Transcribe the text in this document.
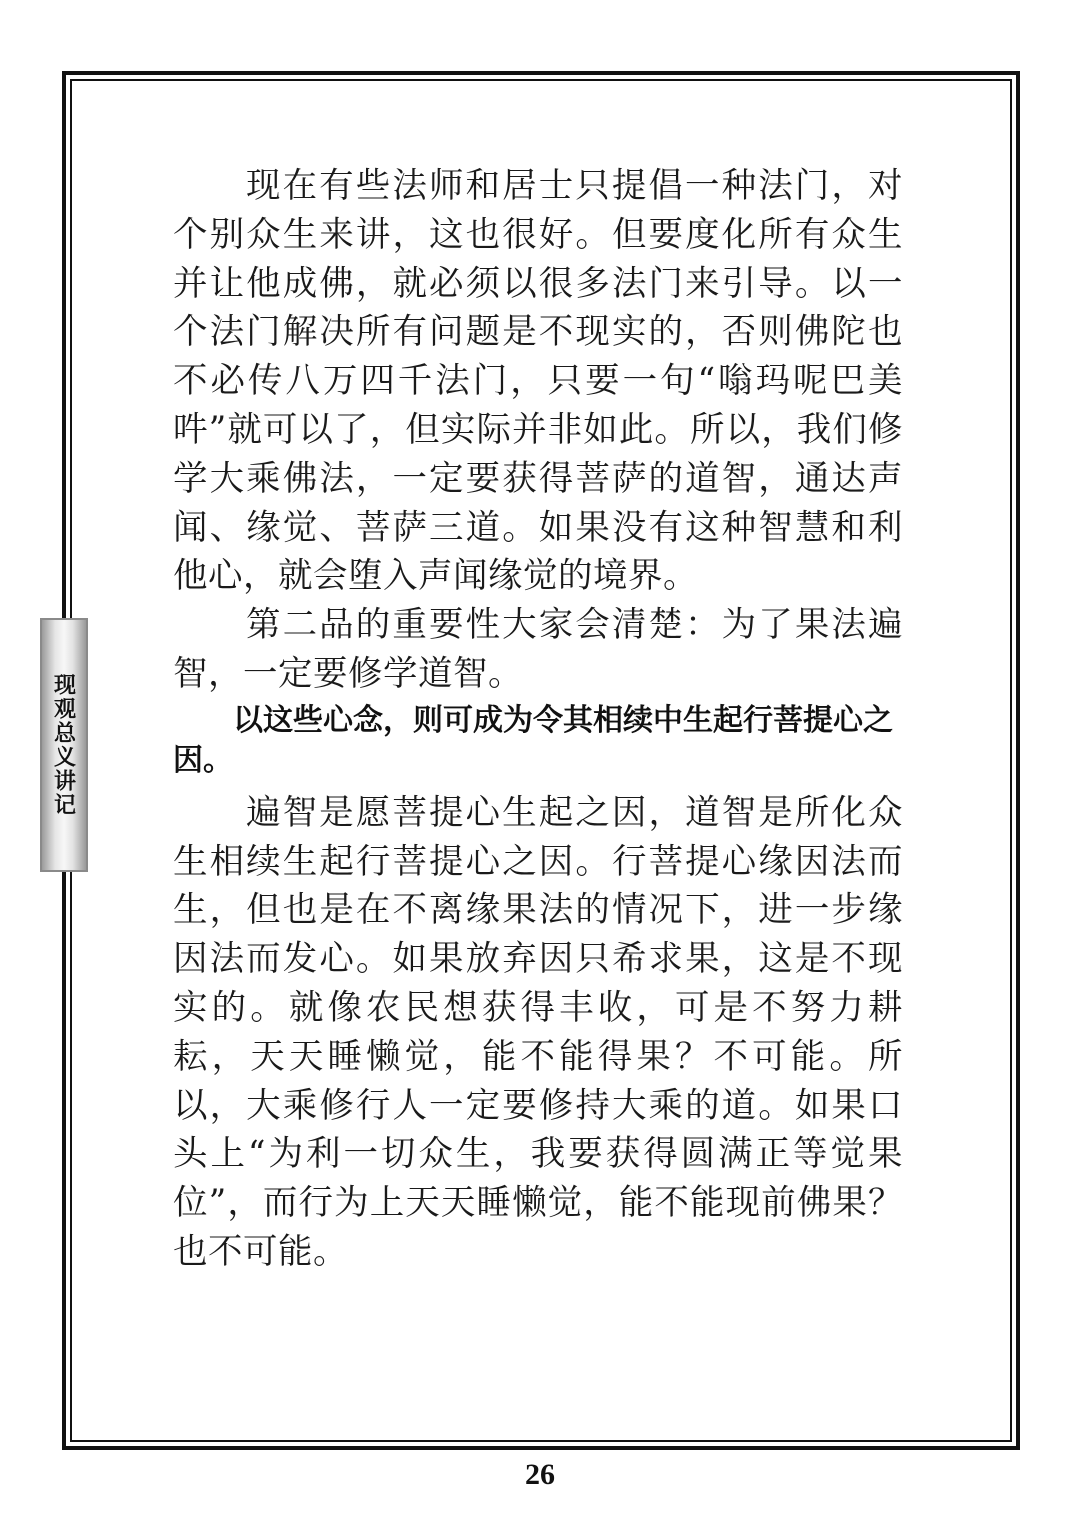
现观总义讲记

现在有些法师和居士只提倡一种法门，对个别众生来讲，这也很好。但要度化所有众生并让他成佛，就必须以很多法门来引导。以一个法门解决所有问题是不现实的，否则佛陀也不必传八万四千法门，只要一句“嗡玛呢巴美吽”就可以了，但实际并非如此。所以，我们修学大乘佛法，一定要获得菩萨的道智，通达声闻、缘觉、菩萨三道。如果没有这种智慧和利他心，就会堕入声闻缘觉的境界。

第二品的重要性大家会清楚：为了果法遍智，一定要修学道智。

以这些心念，则可成为令其相续中生起行菩提心之因。

遍智是愿菩提心生起之因，道智是所化众生相续生起行菩提心之因。行菩提心缘因法而生，但也是在不离缘果法的情况下，进一步缘因法而发心。如果放弃因只希求果，这是不现实的。就像农民想获得丰收，可是不努力耕耘，天天睡懒觉，能不能得果？不可能。所以，大乘修行人一定要修持大乘的道。如果口头上“为利一切众生，我要获得圆满正等觉果位”，而行为上天天睡懒觉，能不能现前佛果？也不可能。

26
